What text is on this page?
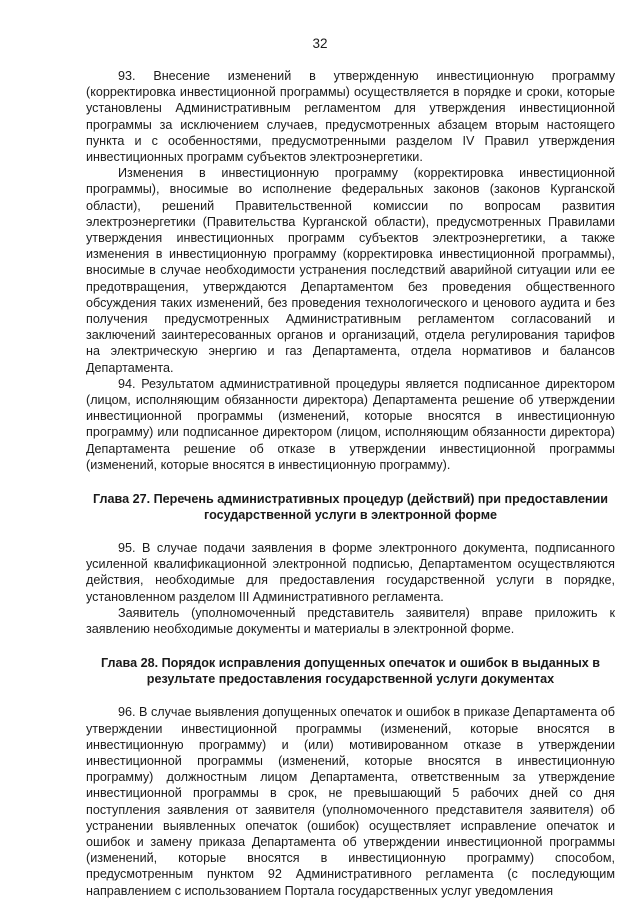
32

93. Внесение изменений в утвержденную инвестиционную программу (корректировка инвестиционной программы) осуществляется в порядке и сроки, которые установлены Административным регламентом для утверждения инвестиционной программы за исключением случаев, предусмотренных абзацем вторым настоящего пункта и с особенностями, предусмотренными разделом IV Правил утверждения инвестиционных программ субъектов электроэнергетики.

Изменения в инвестиционную программу (корректировка инвестиционной программы), вносимые во исполнение федеральных законов (законов Курганской области), решений Правительственной комиссии по вопросам развития электроэнергетики (Правительства Курганской области), предусмотренных Правилами утверждения инвестиционных программ субъектов электроэнергетики, а также изменения в инвестиционную программу (корректировка инвестиционной программы), вносимые в случае необходимости устранения последствий аварийной ситуации или ее предотвращения, утверждаются Департаментом без проведения общественного обсуждения таких изменений, без проведения технологического и ценового аудита и без получения предусмотренных Административным регламентом согласований и заключений заинтересованных органов и организаций, отдела регулирования тарифов на электрическую энергию и газ Департамента, отдела нормативов и балансов Департамента.

94. Результатом административной процедуры является подписанное директором (лицом, исполняющим обязанности директора) Департамента решение об утверждении инвестиционной программы (изменений, которые вносятся в инвестиционную программу) или подписанное директором (лицом, исполняющим обязанности директора) Департамента решение об отказе в утверждении инвестиционной программы (изменений, которые вносятся в инвестиционную программу).

Глава 27. Перечень административных процедур (действий) при предоставлении государственной услуги в электронной форме

95. В случае подачи заявления в форме электронного документа, подписанного усиленной квалификационной электронной подписью, Департаментом осуществляются действия, необходимые для предоставления государственной услуги в порядке, установленном разделом III Административного регламента.

Заявитель (уполномоченный представитель заявителя) вправе приложить к заявлению необходимые документы и материалы в электронной форме.

Глава 28. Порядок исправления допущенных опечаток и ошибок в выданных в результате предоставления государственной услуги документах

96. В случае выявления допущенных опечаток и ошибок в приказе Департамента об утверждении инвестиционной программы (изменений, которые вносятся в инвестиционную программу) и (или) мотивированном отказе в утверждении инвестиционной программы (изменений, которые вносятся в инвестиционную программу) должностным лицом Департамента, ответственным за утверждение инвестиционной программы в срок, не превышающий 5 рабочих дней со дня поступления заявления от заявителя (уполномоченного представителя заявителя) об устранении выявленных опечаток (ошибок) осуществляет исправление опечаток и ошибок и замену приказа Департамента об утверждении инвестиционной программы (изменений, которые вносятся в инвестиционную программу) способом, предусмотренным пунктом 92 Административного регламента (с последующим направлением с использованием Портала государственных услуг уведомления
